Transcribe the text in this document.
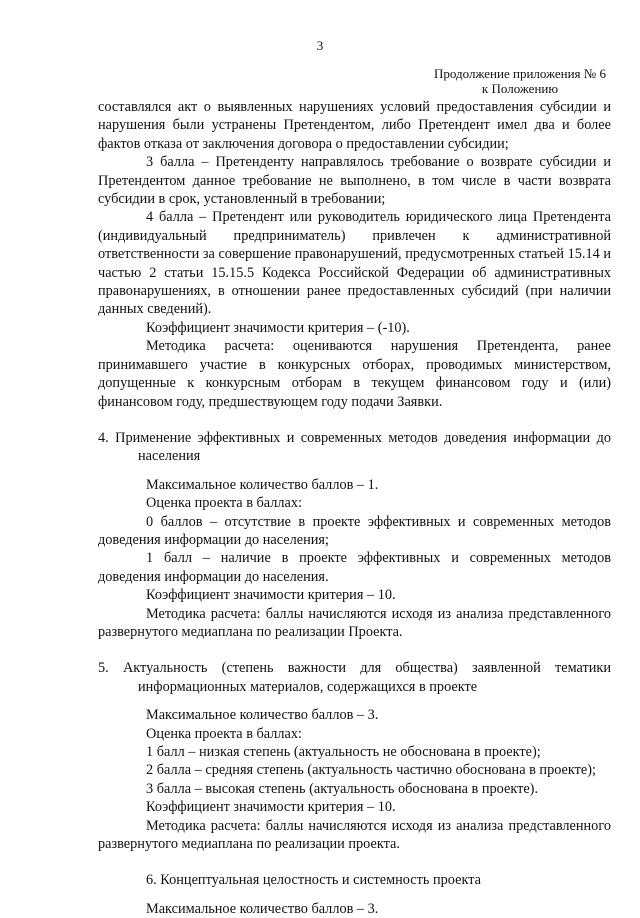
3
Продолжение приложения № 6
к Положению

составлялся акт о выявленных нарушениях условий предоставления субсидии и нарушения были устранены Претендентом, либо Претендент имел два и более фактов отказа от заключения договора о предоставлении субсидии;

3 балла – Претенденту направлялось требование о возврате субсидии и Претендентом данное требование не выполнено, в том числе в части возврата субсидии в срок, установленный в требовании;

4 балла – Претендент или руководитель юридического лица Претендента (индивидуальный предприниматель) привлечен к административной ответственности за совершение правонарушений, предусмотренных статьей 15.14 и частью 2 статьи 15.15.5 Кодекса Российской Федерации об административных правонарушениях, в отношении ранее предоставленных субсидий (при наличии данных сведений).

Коэффициент значимости критерия – (-10).

Методика расчета: оцениваются нарушения Претендента, ранее принимавшего участие в конкурсных отборах, проводимых министерством, допущенные к конкурсным отборам в текущем финансовом году и (или) финансовом году, предшествующем году подачи Заявки.

4. Применение эффективных и современных методов доведения информации до населения

Максимальное количество баллов – 1.

Оценка проекта в баллах:

0 баллов – отсутствие в проекте эффективных и современных методов доведения информации до населения;

1 балл – наличие в проекте эффективных и современных методов доведения информации до населения.

Коэффициент значимости критерия – 10.

Методика расчета: баллы начисляются исходя из анализа представленного развернутого медиаплана по реализации Проекта.

5. Актуальность (степень важности для общества) заявленной тематики информационных материалов, содержащихся в проекте

Максимальное количество баллов – 3.

Оценка проекта в баллах:

1 балл – низкая степень (актуальность не обоснована в проекте);

2 балла – средняя степень (актуальность частично обоснована в проекте);

3 балла – высокая степень (актуальность обоснована в проекте).

Коэффициент значимости критерия – 10.

Методика расчета: баллы начисляются исходя из анализа представленного развернутого медиаплана по реализации проекта.

6. Концептуальная целостность и системность проекта

Максимальное количество баллов – 3.
